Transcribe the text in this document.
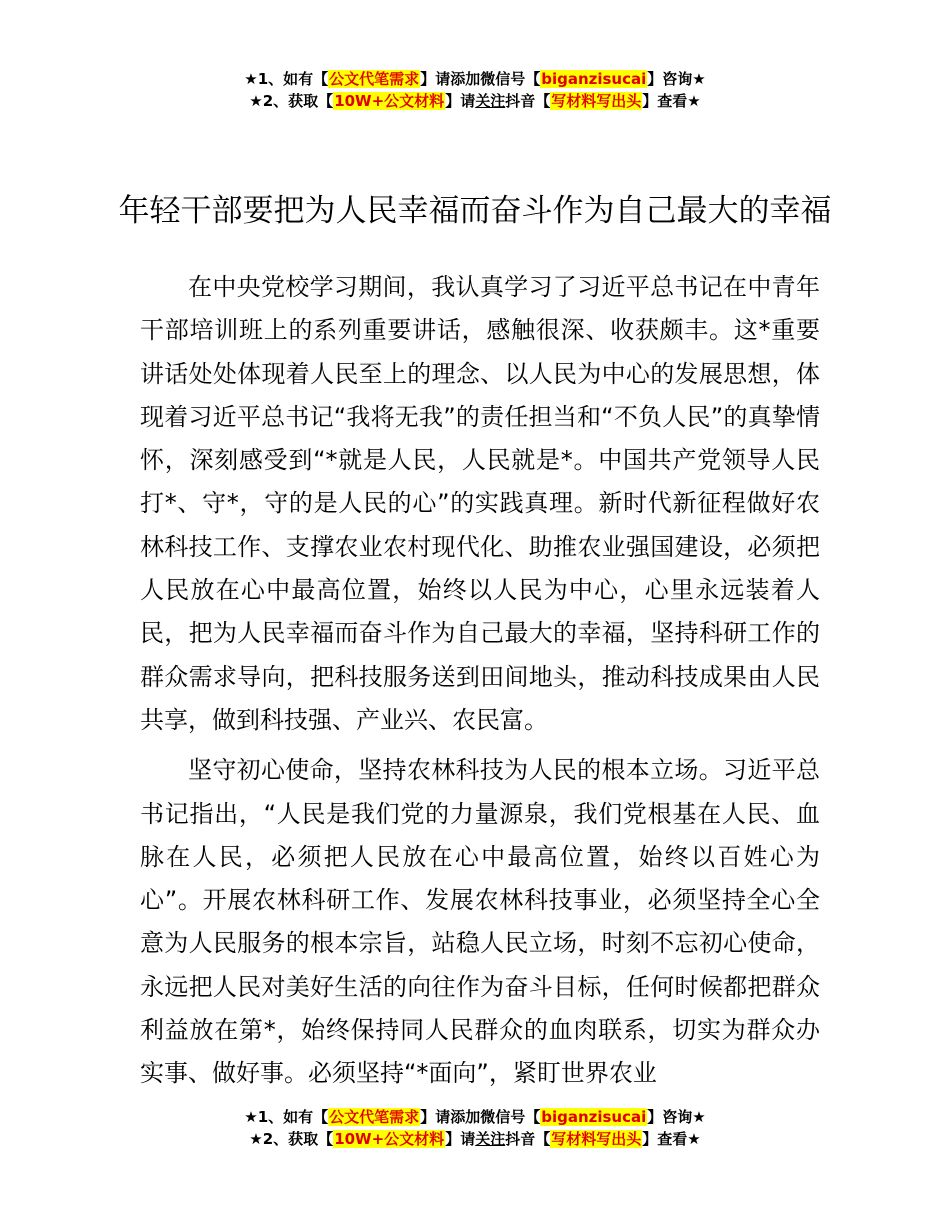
★1、如有【公文代笔需求】请添加微信号【biganzisucai】咨询★
★2、获取【10W+公文材料】请关注抖音【写材料写出头】查看★
年轻干部要把为人民幸福而奋斗作为自己最大的幸福

在中央党校学习期间，我认真学习了习近平总书记在中青年干部培训班上的系列重要讲话，感触很深、收获颇丰。这*重要讲话处处体现着人民至上的理念、以人民为中心的发展思想，体现着习近平总书记“我将无我”的责任担当和“不负人民”的真挚情怀，深刻感受到“*就是人民，人民就是*。中国共产党领导人民打*、守*，守的是人民的心”的实践真理。新时代新征程做好农林科技工作、支撑农业农村现代化、助推农业强国建设，必须把人民放在心中最高位置，始终以人民为中心，心里永远装着人民，把为人民幸福而奋斗作为自己最大的幸福，坚持科研工作的群众需求导向，把科技服务送到田间地头，推动科技成果由人民共享，做到科技强、产业兴、农民富。

坚守初心使命，坚持农林科技为人民的根本立场。习近平总书记指出，“人民是我们党的力量源泉，我们党根基在人民、血脉在人民，必须把人民放在心中最高位置，始终以百姓心为心”。开展农林科研工作、发展农林科技事业，必须坚持全心全意为人民服务的根本宗旨，站稳人民立场，时刻不忘初心使命，永远把人民对美好生活的向往作为奋斗目标，任何时候都把群众利益放在第*，始终保持同人民群众的血肉联系，切实为群众办实事、做好事。必须坚持“*面向”，紧盯世界农业

★1、如有【公文代笔需求】请添加微信号【biganzisucai】咨询★
★2、获取【10W+公文材料】请关注抖音【写材料写出头】查看★
